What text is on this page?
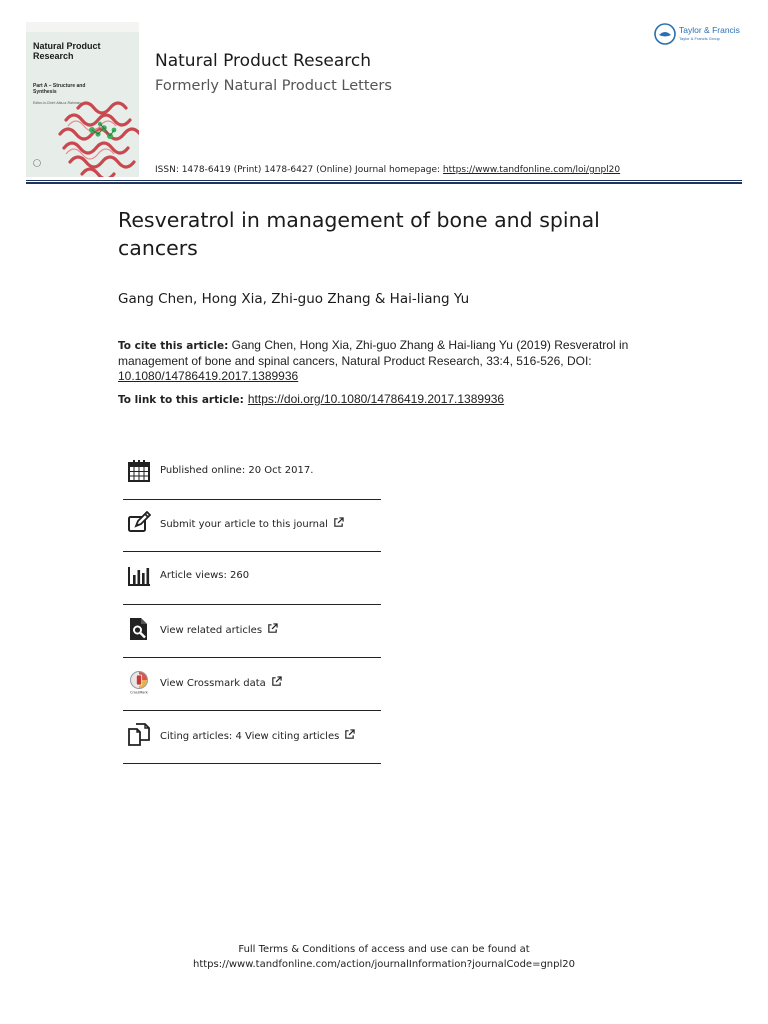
Natural Product Research
Part A – Structure and Synthesis
Editor-in-Chief: Atta-ur-Rahman
Natural Product Research
Formerly Natural Product Letters
ISSN: 1478-6419 (Print) 1478-6427 (Online) Journal homepage: https://www.tandfonline.com/loi/gnpl20
Taylor & Francis
Taylor & Francis Group
Resveratrol in management of bone and spinal cancers
Gang Chen, Hong Xia, Zhi-guo Zhang & Hai-liang Yu
To cite this article: Gang Chen, Hong Xia, Zhi-guo Zhang & Hai-liang Yu (2019) Resveratrol in management of bone and spinal cancers, Natural Product Research, 33:4, 516-526, DOI: 10.1080/14786419.2017.1389936
To link to this article: https://doi.org/10.1080/14786419.2017.1389936
Published online: 20 Oct 2017.
Submit your article to this journal
Article views: 260
View related articles
CrossMark
View Crossmark data
Citing articles: 4 View citing articles
Full Terms & Conditions of access and use can be found at
https://www.tandfonline.com/action/journalInformation?journalCode=gnpl20
